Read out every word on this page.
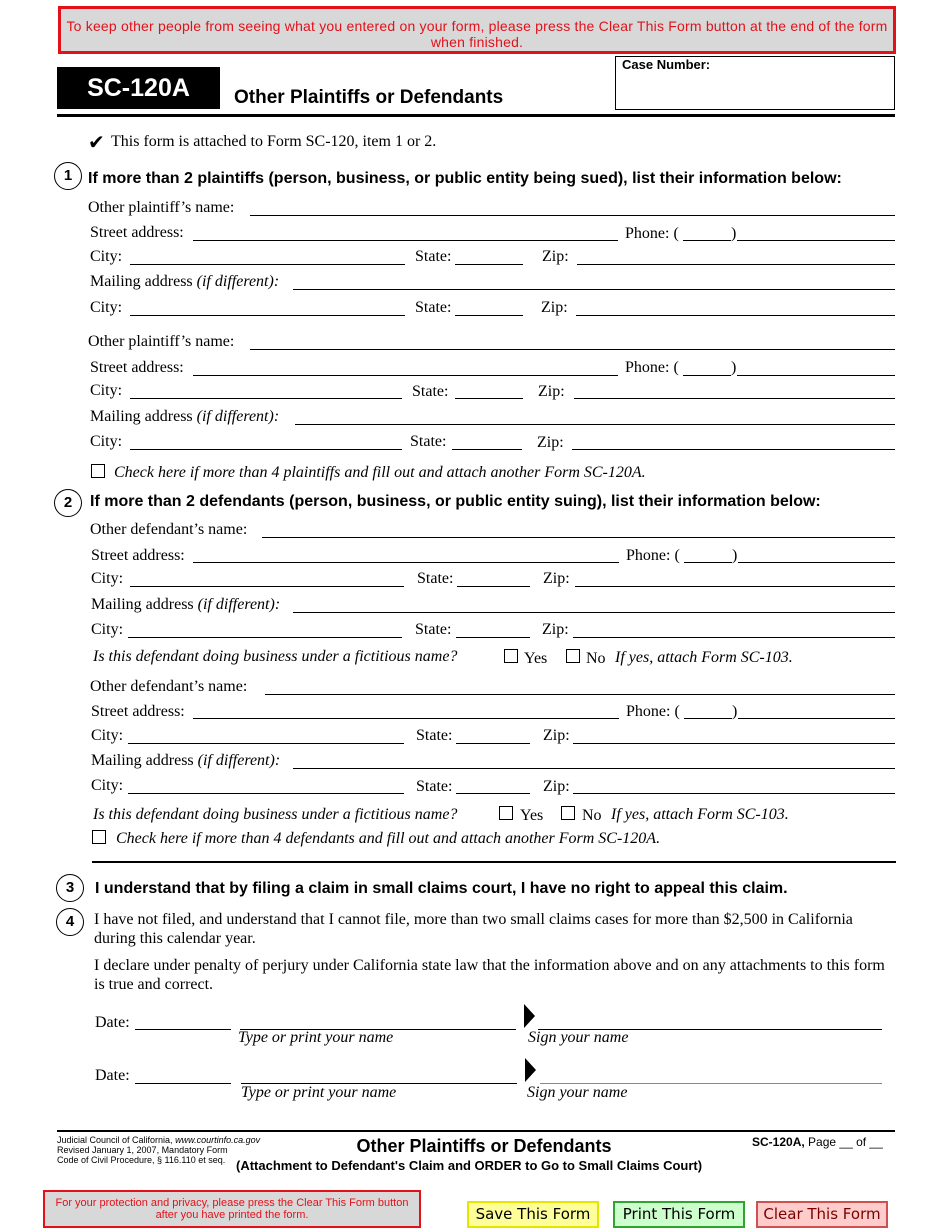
To keep other people from seeing what you entered on your form, please press the Clear This Form button at the end of the form when finished.
SC-120A	Other Plaintiffs or Defendants
Case Number:
✔ This form is attached to Form SC-120, item 1 or 2.
1 If more than 2 plaintiffs (person, business, or public entity being sued), list their information below:
Other plaintiff’s name:
Street address:	Phone: (	)
City:	State:	Zip:
Mailing address (if different):
City:	State:	Zip:
Other plaintiff’s name:
Street address:	Phone: (	)
City:	State:	Zip:
Mailing address (if different):
City:	State:	Zip:
Check here if more than 4 plaintiffs and fill out and attach another Form SC-120A.
2	If more than 2 defendants (person, business, or public entity suing), list their information below:
Other defendant’s name:
Street address:	Phone: (	)
City:	State:	Zip:
Mailing address (if different):
City:	State:	Zip:
Is this defendant doing business under a fictitious name?	Yes No If yes, attach Form SC-103.
Other defendant’s name:
Street address:	Phone: (	)
City:	State:	Zip:
Mailing address (if different):
City:	State:	Zip:
Is this defendant doing business under a fictitious name?	Yes No If yes, attach Form SC-103.
Check here if more than 4 defendants and fill out and attach another Form SC-120A.
3	I understand that by filing a claim in small claims court, I have no right to appeal this claim.
4	I have not filed, and understand that I cannot file, more than two small claims cases for more than $2,500 in California during this calendar year.
I declare under penalty of perjury under California state law that the information above and on any attachments to this form is true and correct.
Date:
Type or print your name	Sign your name
Date:
Type or print your name	Sign your name
Judicial Council of California, www.courtinfo.ca.gov
Revised January 1, 2007, Mandatory Form
Code of Civil Procedure, § 116.110 et seq.
Other Plaintiffs or Defendants
(Attachment to Defendant's Claim and ORDER to Go to Small Claims Court)
SC-120A, Page __ of __
For your protection and privacy, please press the Clear This Form button after you have printed the form.	Save This Form	Print This Form	Clear This Form
